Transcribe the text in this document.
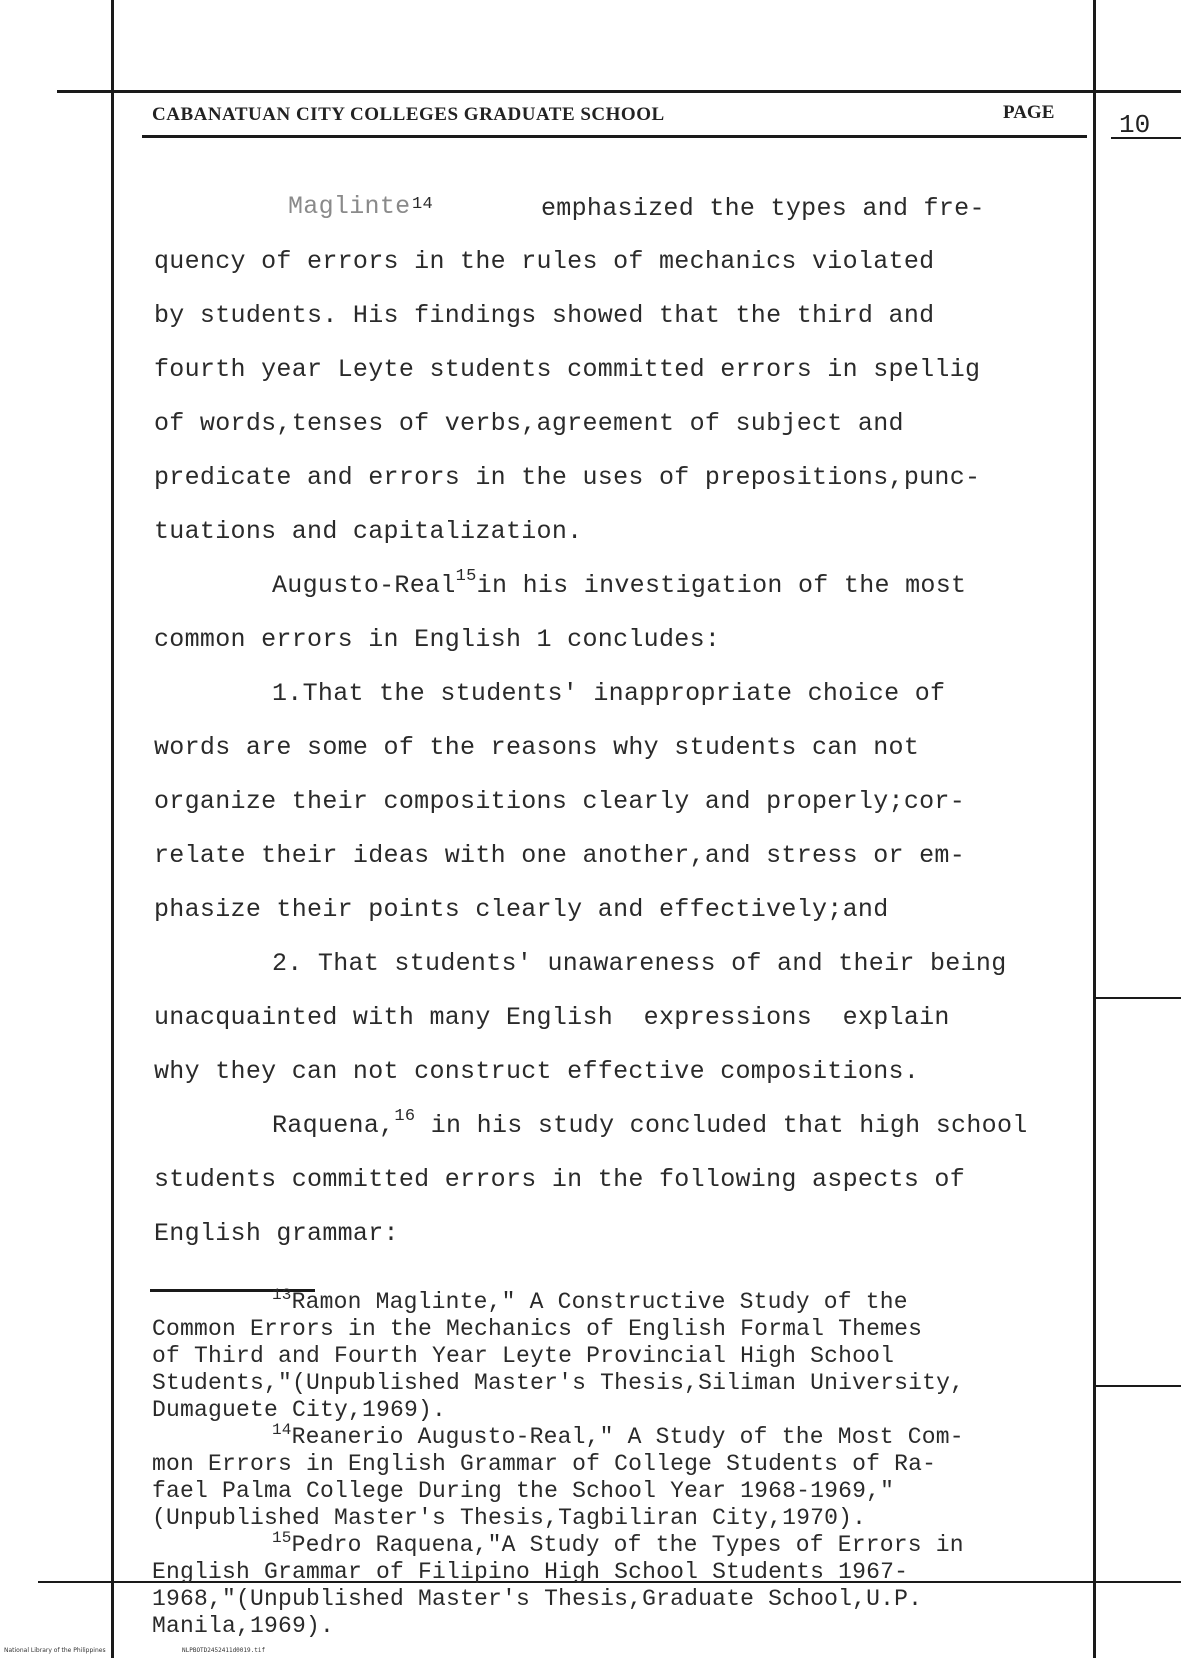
CABANATUAN CITY COLLEGES GRADUATE SCHOOL	PAGE 10
Maglinte 14	emphasized the types and fre-
quency of errors in the rules of mechanics violated
by students. His findings showed that the third and
fourth year Leyte students committed errors in spellig
of words,tenses of verbs,agreement of subject and
predicate and errors in the uses of prepositions,punc-
tuations and capitalization.
Augusto-Real$^{15}$in his investigation of the most
common errors in English 1 concludes:
1.That the students' inappropriate choice of
words are some of the reasons why students can not
organize their compositions clearly and properly;cor-
relate their ideas with one another,and stress or em-
phasize their points clearly and effectively;and
2. That students' unawareness of and their being
unacquainted with many English  expressions  explain
why they can not construct effective compositions.
Raquena,$^{16}$ in his study concluded that high school
students committed errors in the following aspects of
English grammar:
$^{13}$Ramon Maglinte," A Constructive Study of the
Common Errors in the Mechanics of English Formal Themes
of Third and Fourth Year Leyte Provincial High School
Students,"(Unpublished Master's Thesis,Siliman University,
Dumaguete City,1969).
$^{14}$Reanerio Augusto-Real," A Study of the Most Com-
mon Errors in English Grammar of College Students of Ra-
fael Palma College During the School Year 1968-1969,"
(Unpublished Master's Thesis,Tagbiliran City,1970).
$^{15}$Pedro Raquena,"A Study of the Types of Errors in
English Grammar of Filipino High School Students 1967-
1968,"(Unpublished Master's Thesis,Graduate School,U.P.
Manila,1969).
National Library of the Philippines	NLPBOTD2452411d0019.tif
